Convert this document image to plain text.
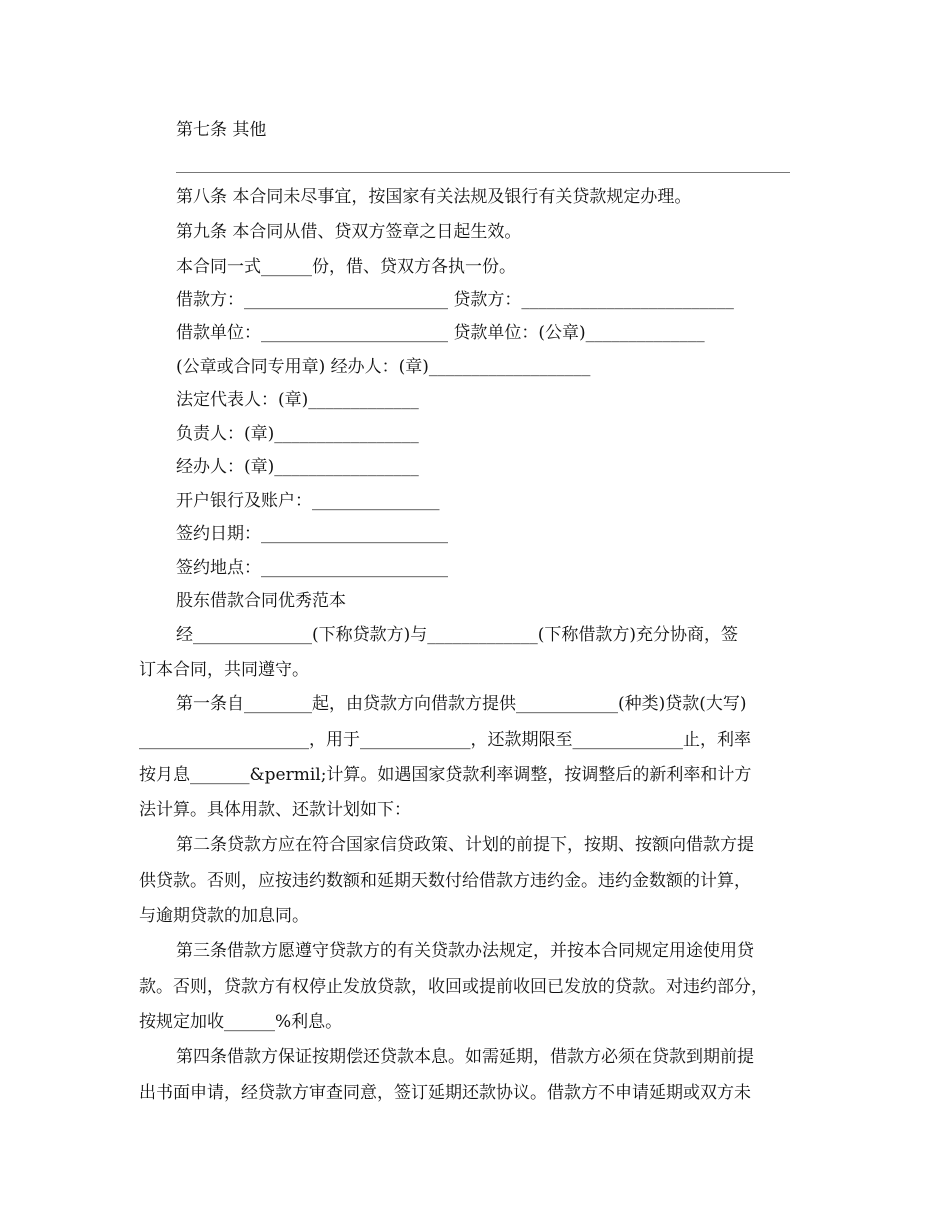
第七条 其他
第八条 本合同未尽事宜，按国家有关法规及银行有关贷款规定办理。
第九条 本合同从借、贷双方签章之日起生效。
本合同一式______份，借、贷双方各执一份。
借款方：________________________ 贷款方：_________________________
借款单位：______________________ 贷款单位：(公章)______________
(公章或合同专用章) 经办人：(章)___________________
法定代表人：(章)_____________
负责人：(章)_________________
经办人：(章)_________________
开户银行及账户：_______________
签约日期：______________________
签约地点：______________________
股东借款合同优秀范本
经______________(下称贷款方)与_____________(下称借款方)充分协商，签
订本合同，共同遵守。
第一条自________起，由贷款方向借款方提供____________(种类)贷款(大写)
____________________，用于_____________，还款期限至_____________止，利率
按月息_______&permil;计算。如遇国家贷款利率调整，按调整后的新利率和计方
法计算。具体用款、还款计划如下：
第二条贷款方应在符合国家信贷政策、计划的前提下，按期、按额向借款方提
供贷款。否则，应按违约数额和延期天数付给借款方违约金。违约金数额的计算，
与逾期贷款的加息同。
第三条借款方愿遵守贷款方的有关贷款办法规定，并按本合同规定用途使用贷
款。否则，贷款方有权停止发放贷款，收回或提前收回已发放的贷款。对违约部分，
按规定加收______%利息。
第四条借款方保证按期偿还贷款本息。如需延期，借款方必须在贷款到期前提
出书面申请，经贷款方审查同意，签订延期还款协议。借款方不申请延期或双方未
